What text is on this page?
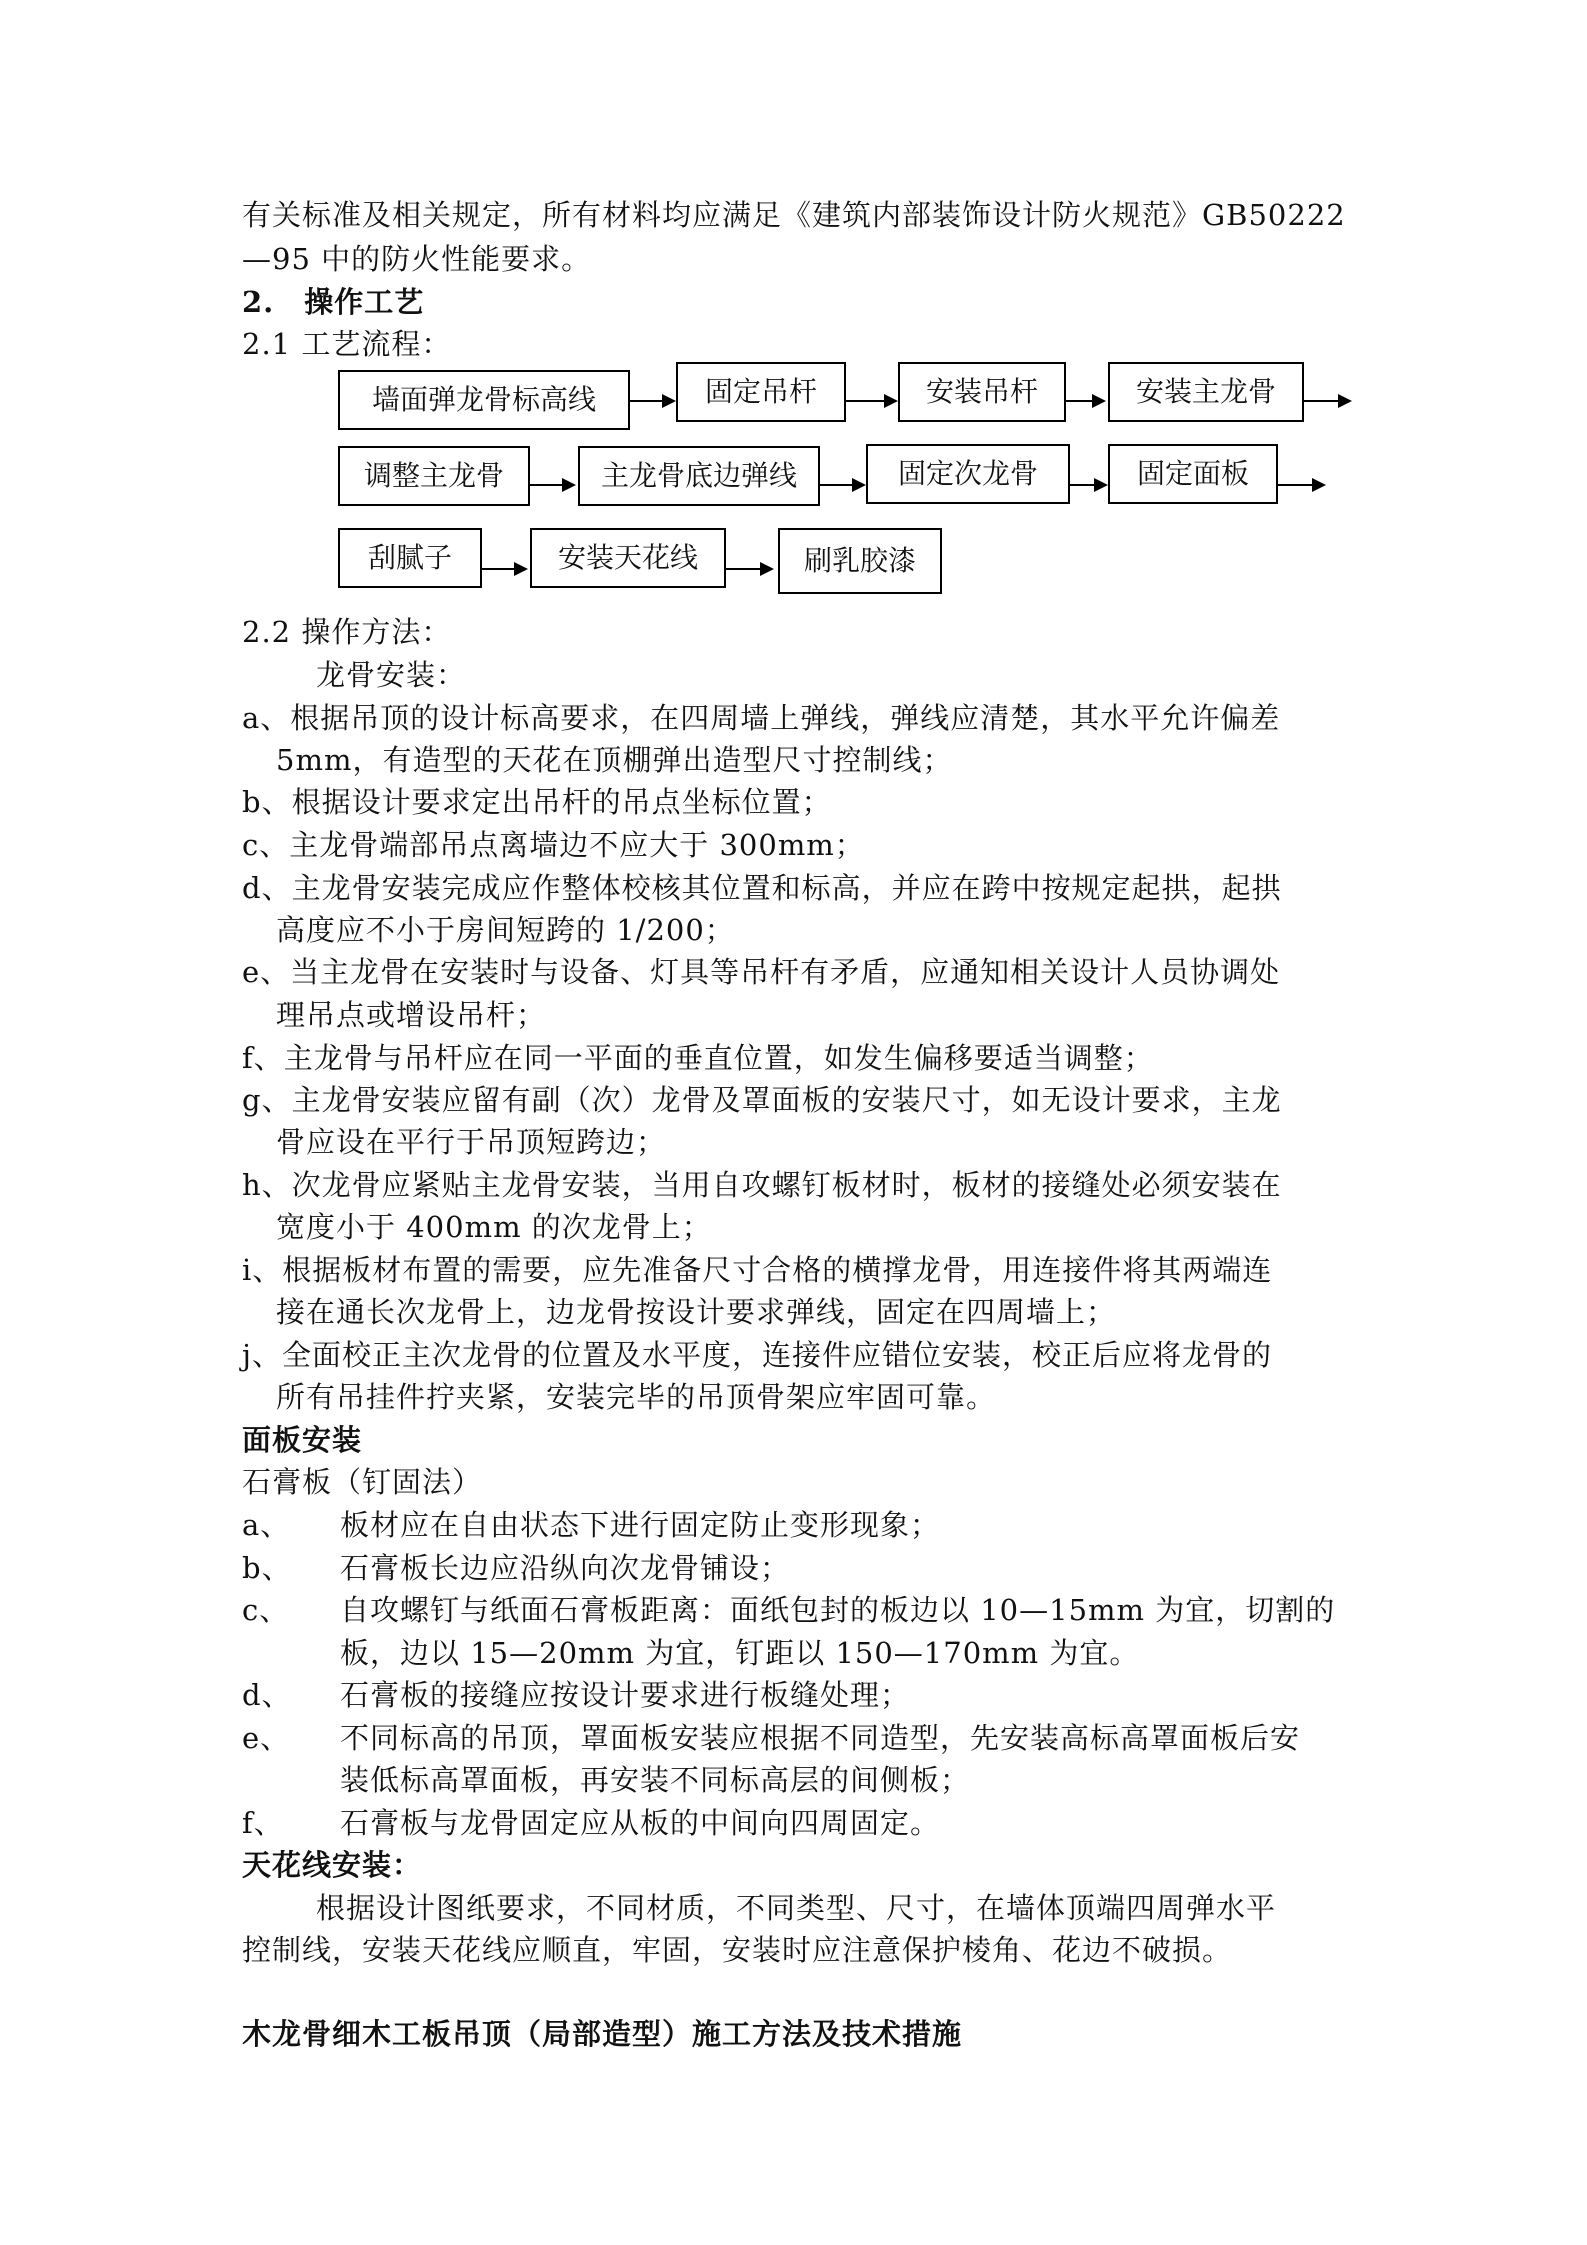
有关标准及相关规定，所有材料均应满足《建筑内部装饰设计防火规范》GB50222
—95 中的防火性能要求。
2.　操作工艺
2.1 工艺流程：
墙面弹龙骨标高线	固定吊杆	安装吊杆	安装主龙骨
调整主龙骨	主龙骨底边弹线	固定次龙骨	固定面板
刮腻子	安装天花线	刷乳胶漆
2.2 操作方法：
龙骨安装：
a、根据吊顶的设计标高要求，在四周墙上弹线，弹线应清楚，其水平允许偏差
5mm，有造型的天花在顶棚弹出造型尺寸控制线；
b、根据设计要求定出吊杆的吊点坐标位置；
c、主龙骨端部吊点离墙边不应大于 300mm；
d、主龙骨安装完成应作整体校核其位置和标高，并应在跨中按规定起拱，起拱
高度应不小于房间短跨的 1/200；
e、当主龙骨在安装时与设备、灯具等吊杆有矛盾，应通知相关设计人员协调处
理吊点或增设吊杆；
f、主龙骨与吊杆应在同一平面的垂直位置，如发生偏移要适当调整；
g、主龙骨安装应留有副（次）龙骨及罩面板的安装尺寸，如无设计要求，主龙
骨应设在平行于吊顶短跨边；
h、次龙骨应紧贴主龙骨安装，当用自攻螺钉板材时，板材的接缝处必须安装在
宽度小于 400mm 的次龙骨上；
i、根据板材布置的需要，应先准备尺寸合格的横撑龙骨，用连接件将其两端连
接在通长次龙骨上，边龙骨按设计要求弹线，固定在四周墙上；
j、全面校正主次龙骨的位置及水平度，连接件应错位安装，校正后应将龙骨的
所有吊挂件拧夹紧，安装完毕的吊顶骨架应牢固可靠。
面板安装
石膏板（钉固法）
a、 板材应在自由状态下进行固定防止变形现象；
b、 石膏板长边应沿纵向次龙骨铺设；
c、 自攻螺钉与纸面石膏板距离：面纸包封的板边以 10—15mm 为宜，切割的
板，边以 15—20mm 为宜，钉距以 150—170mm 为宜。
d、 石膏板的接缝应按设计要求进行板缝处理；
e、 不同标高的吊顶，罩面板安装应根据不同造型，先安装高标高罩面板后安
装低标高罩面板，再安装不同标高层的间侧板；
f、 石膏板与龙骨固定应从板的中间向四周固定。
天花线安装：
根据设计图纸要求，不同材质，不同类型、尺寸，在墙体顶端四周弹水平
控制线，安装天花线应顺直，牢固，安装时应注意保护棱角、花边不破损。
木龙骨细木工板吊顶（局部造型）施工方法及技术措施
